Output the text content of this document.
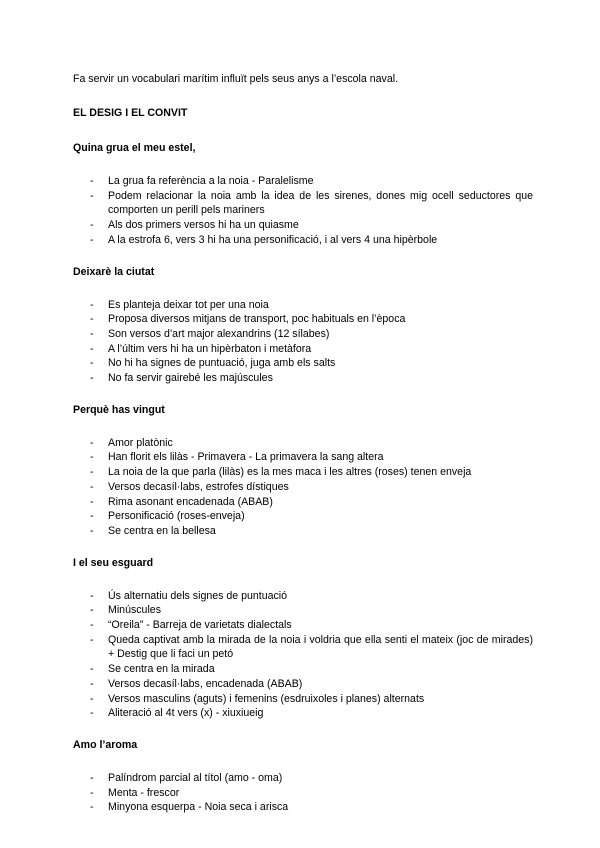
Fa servir un vocabulari marítim influït pels seus anys a l’escola naval.

EL DESIG I EL CONVIT

Quina grua el meu estel,

- La grua fa referència a la noia - Paralelisme
- Podem relacionar la noia amb la idea de les sirenes, dones mig ocell seductores que comporten un perill pels mariners
- Als dos primers versos hi ha un quiasme
- A la estrofa 6, vers 3 hi ha una personificació, i al vers 4 una hipèrbole

Deixarè la ciutat

- Es planteja deixar tot per una noia
- Proposa diversos mitjans de transport, poc habituals en l’època
- Son versos d’art major alexandrins (12 sílabes)
- A l’últim vers hi ha un hipèrbaton i metàfora
- No hi ha signes de puntuació, juga amb els salts
- No fa servir gairebé les majúscules

Perquè has vingut

- Amor platònic
- Han florit els lilàs - Primavera - La primavera la sang altera
- La noia de la que parla (lilàs) es la mes maca i les altres (roses) tenen enveja
- Versos decasíl·labs, estrofes dístiques
- Rima asonant encadenada (ABAB)
- Personificació (roses-enveja)
- Se centra en la bellesa

I el seu esguard

- Ús alternatiu dels signes de puntuació
- Minúscules
- “Oreila” - Barreja de varietats dialectals
- Queda captivat amb la mirada de la noia i voldria que ella senti el mateix (joc de mirades) + Destig que li faci un petó
- Se centra en la mirada
- Versos decasíl·labs, encadenada (ABAB)
- Versos masculins (aguts) i femenins (esdruixoles i planes) alternats
- Aliteració al 4t vers (x) - xiuxiueig

Amo l’aroma

- Palíndrom parcial al títol (amo - oma)
- Menta - frescor
- Minyona esquerpa - Noia seca i arisca
